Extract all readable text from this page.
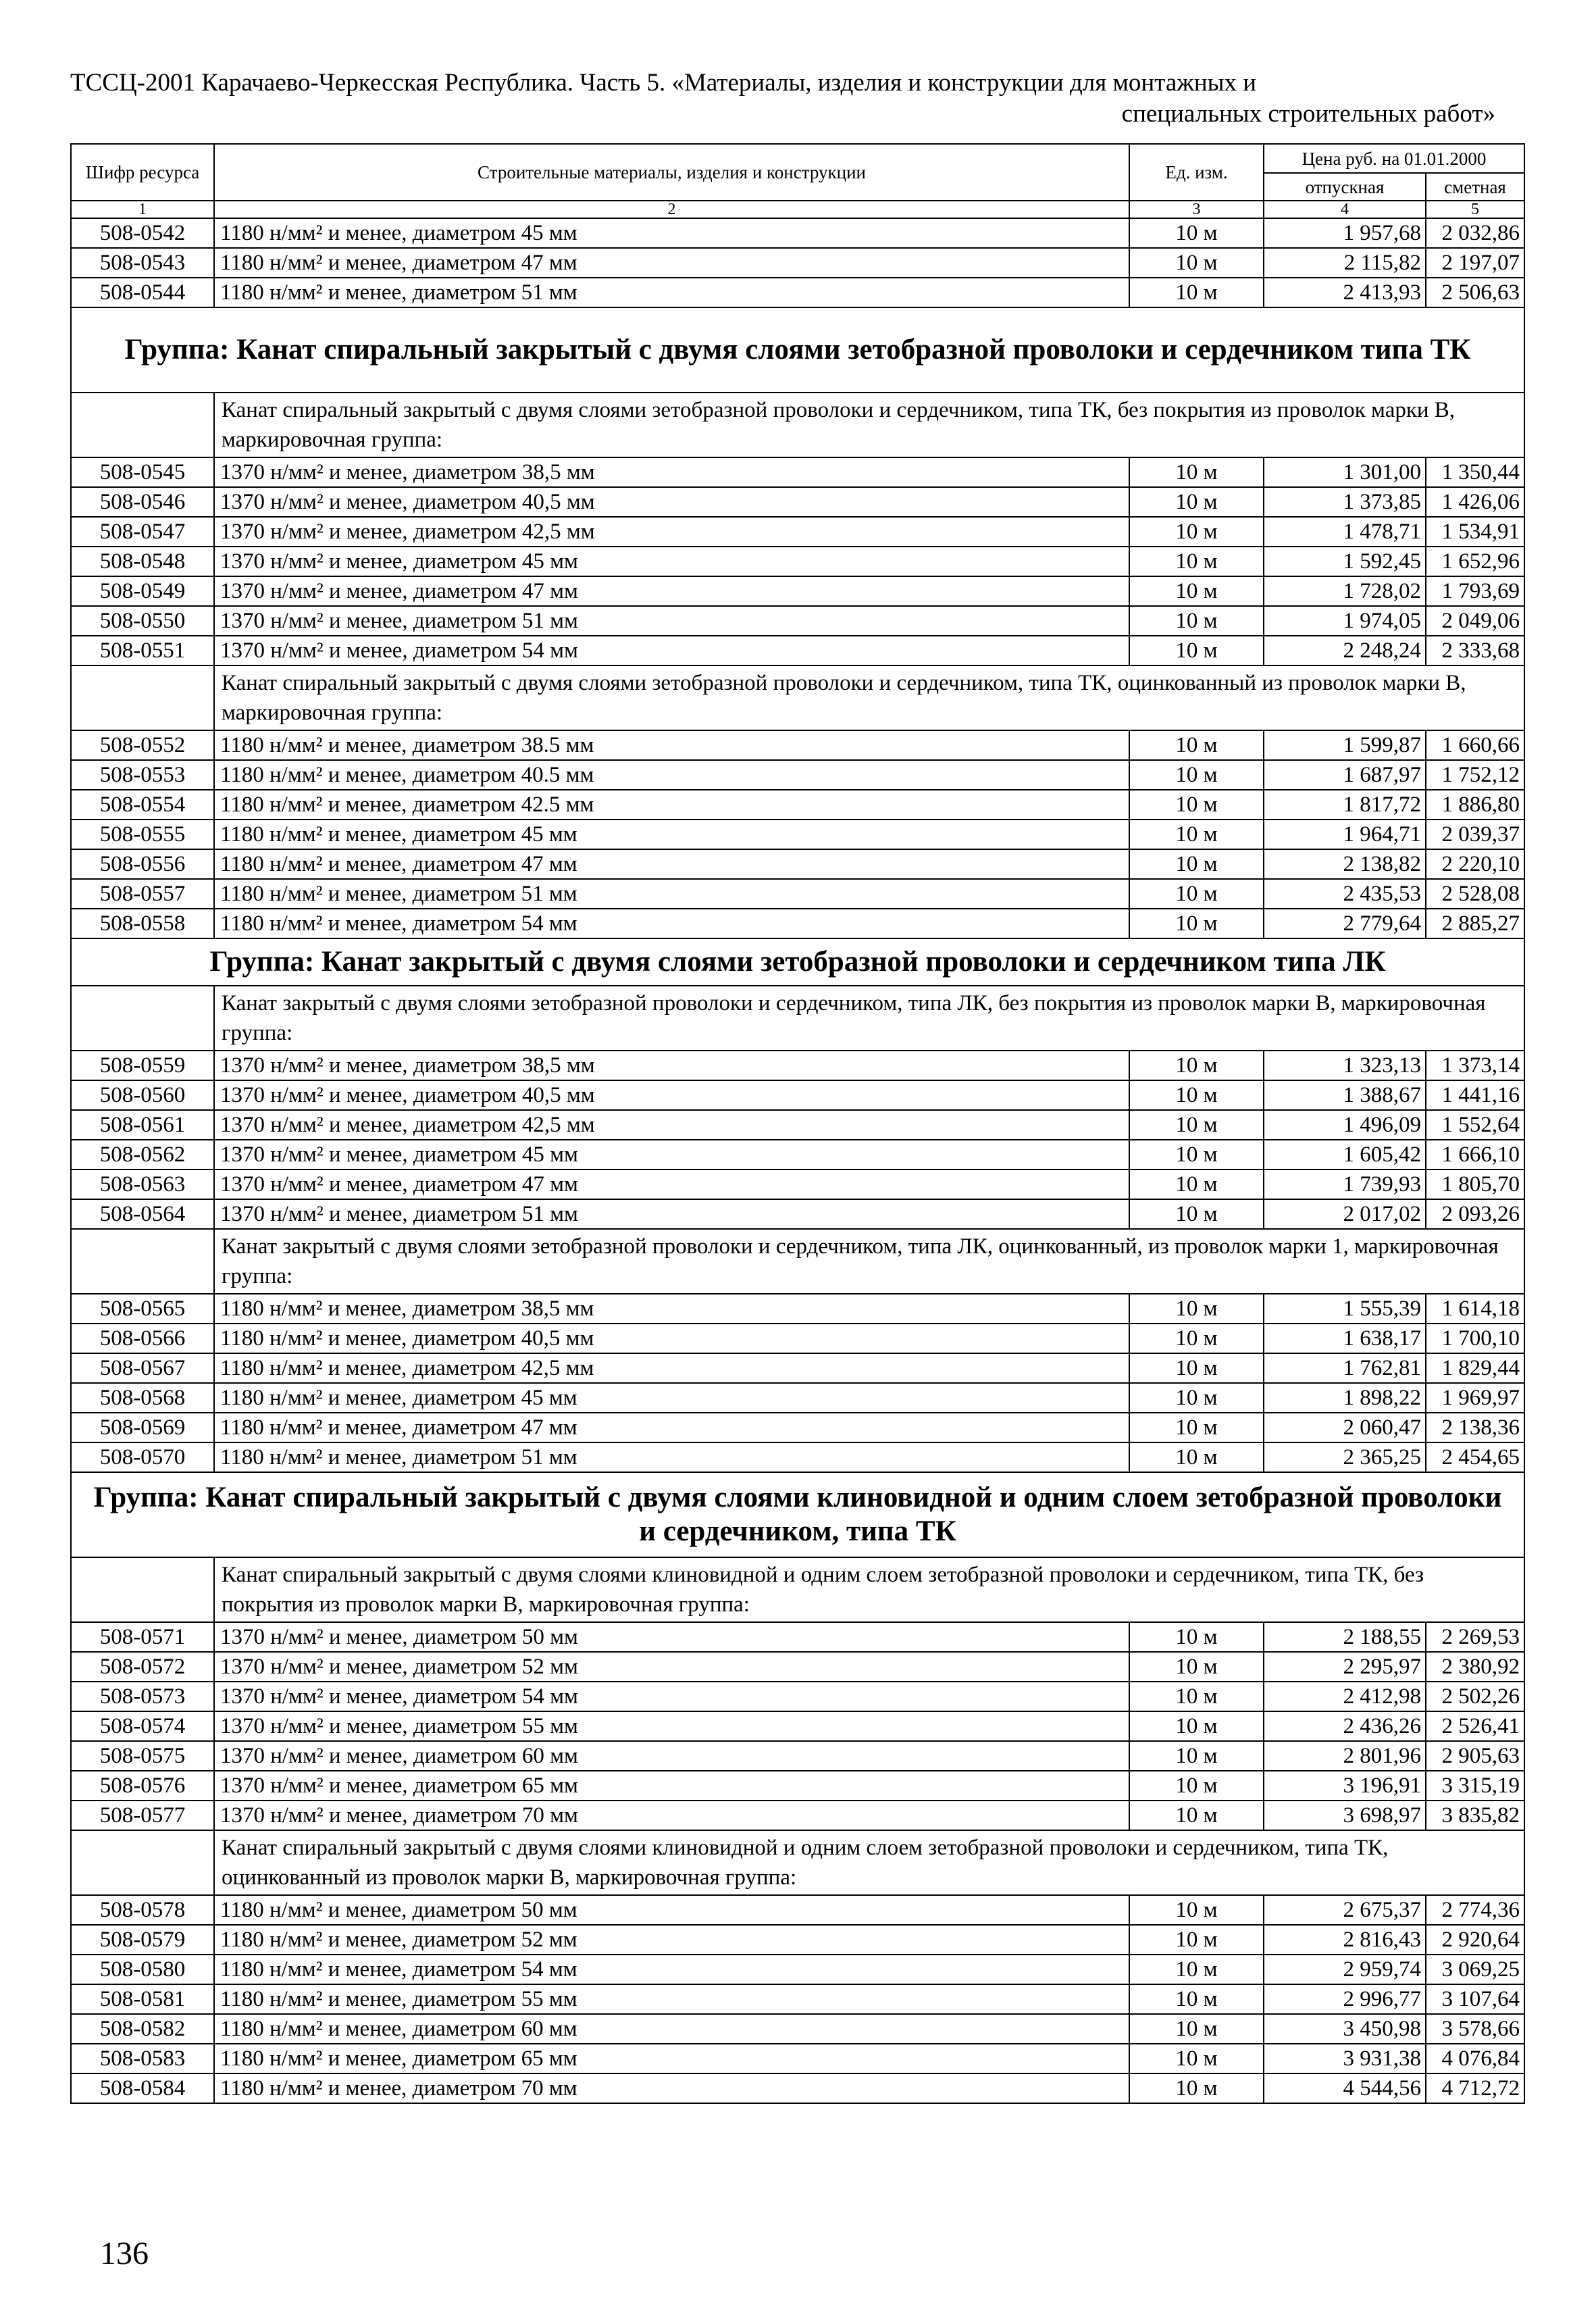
ТССЦ-2001 Карачаево-Черкесская Республика. Часть 5. «Материалы, изделия и конструкции для монтажных и
специальных строительных работ»
Шифр ресурса	Строительные материалы, изделия и конструкции	Ед. изм.	Цена руб. на 01.01.2000	
			отпускная	сметная
1	2	3	4	5
508-0542	1180 н/мм² и менее, диаметром 45 мм	10 м	1 957,68	2 032,86
508-0543	1180 н/мм² и менее, диаметром 47 мм	10 м	2 115,82	2 197,07
508-0544	1180 н/мм² и менее, диаметром 51 мм	10 м	2 413,93	2 506,63
Группа: Канат спиральный закрытый с двумя слоями зетобразной проволоки и сердечником типа ТК				
	Канат спиральный закрытый с двумя слоями зетобразной проволоки и сердечником, типа ТК, без покрытия из проволок марки В, маркировочная группа:			
508-0545	1370 н/мм² и менее, диаметром 38,5 мм	10 м	1 301,00	1 350,44
508-0546	1370 н/мм² и менее, диаметром 40,5 мм	10 м	1 373,85	1 426,06
508-0547	1370 н/мм² и менее, диаметром 42,5 мм	10 м	1 478,71	1 534,91
508-0548	1370 н/мм² и менее, диаметром 45 мм	10 м	1 592,45	1 652,96
508-0549	1370 н/мм² и менее, диаметром 47 мм	10 м	1 728,02	1 793,69
508-0550	1370 н/мм² и менее, диаметром 51 мм	10 м	1 974,05	2 049,06
508-0551	1370 н/мм² и менее, диаметром 54 мм	10 м	2 248,24	2 333,68
	Канат спиральный закрытый с двумя слоями зетобразной проволоки и сердечником, типа ТК, оцинкованный из проволок марки В, маркировочная группа:			
508-0552	1180 н/мм² и менее, диаметром 38.5 мм	10 м	1 599,87	1 660,66
508-0553	1180 н/мм² и менее, диаметром 40.5 мм	10 м	1 687,97	1 752,12
508-0554	1180 н/мм² и менее, диаметром 42.5 мм	10 м	1 817,72	1 886,80
508-0555	1180 н/мм² и менее, диаметром 45 мм	10 м	1 964,71	2 039,37
508-0556	1180 н/мм² и менее, диаметром 47 мм	10 м	2 138,82	2 220,10
508-0557	1180 н/мм² и менее, диаметром 51 мм	10 м	2 435,53	2 528,08
508-0558	1180 н/мм² и менее, диаметром 54 мм	10 м	2 779,64	2 885,27
Группа: Канат закрытый с двумя слоями зетобразной проволоки и сердечником типа ЛК				
	Канат закрытый с двумя слоями зетобразной проволоки и сердечником, типа ЛК, без покрытия из проволок марки В, маркировочная группа:			
508-0559	1370 н/мм² и менее, диаметром 38,5 мм	10 м	1 323,13	1 373,14
508-0560	1370 н/мм² и менее, диаметром 40,5 мм	10 м	1 388,67	1 441,16
508-0561	1370 н/мм² и менее, диаметром 42,5 мм	10 м	1 496,09	1 552,64
508-0562	1370 н/мм² и менее, диаметром 45 мм	10 м	1 605,42	1 666,10
508-0563	1370 н/мм² и менее, диаметром 47 мм	10 м	1 739,93	1 805,70
508-0564	1370 н/мм² и менее, диаметром 51 мм	10 м	2 017,02	2 093,26
	Канат закрытый с двумя слоями зетобразной проволоки и сердечником, типа ЛК, оцинкованный, из проволок марки 1, маркировочная группа:			
508-0565	1180 н/мм² и менее, диаметром 38,5 мм	10 м	1 555,39	1 614,18
508-0566	1180 н/мм² и менее, диаметром 40,5 мм	10 м	1 638,17	1 700,10
508-0567	1180 н/мм² и менее, диаметром 42,5 мм	10 м	1 762,81	1 829,44
508-0568	1180 н/мм² и менее, диаметром 45 мм	10 м	1 898,22	1 969,97
508-0569	1180 н/мм² и менее, диаметром 47 мм	10 м	2 060,47	2 138,36
508-0570	1180 н/мм² и менее, диаметром 51 мм	10 м	2 365,25	2 454,65
Группа: Канат спиральный закрытый с двумя слоями клиновидной и одним слоем зетобразной проволоки и сердечником, типа ТК				
	Канат спиральный закрытый с двумя слоями клиновидной и одним слоем зетобразной проволоки и сердечником, типа ТК, без покрытия из проволок марки В, маркировочная группа:			
508-0571	1370 н/мм² и менее, диаметром 50 мм	10 м	2 188,55	2 269,53
508-0572	1370 н/мм² и менее, диаметром 52 мм	10 м	2 295,97	2 380,92
508-0573	1370 н/мм² и менее, диаметром 54 мм	10 м	2 412,98	2 502,26
508-0574	1370 н/мм² и менее, диаметром 55 мм	10 м	2 436,26	2 526,41
508-0575	1370 н/мм² и менее, диаметром 60 мм	10 м	2 801,96	2 905,63
508-0576	1370 н/мм² и менее, диаметром 65 мм	10 м	3 196,91	3 315,19
508-0577	1370 н/мм² и менее, диаметром 70 мм	10 м	3 698,97	3 835,82
	Канат спиральный закрытый с двумя слоями клиновидной и одним слоем зетобразной проволоки и сердечником, типа ТК, оцинкованный из проволок марки В, маркировочная группа:			
508-0578	1180 н/мм² и менее, диаметром 50 мм	10 м	2 675,37	2 774,36
508-0579	1180 н/мм² и менее, диаметром 52 мм	10 м	2 816,43	2 920,64
508-0580	1180 н/мм² и менее, диаметром 54 мм	10 м	2 959,74	3 069,25
508-0581	1180 н/мм² и менее, диаметром 55 мм	10 м	2 996,77	3 107,64
508-0582	1180 н/мм² и менее, диаметром 60 мм	10 м	3 450,98	3 578,66
508-0583	1180 н/мм² и менее, диаметром 65 мм	10 м	3 931,38	4 076,84
508-0584	1180 н/мм² и менее, диаметром 70 мм	10 м	4 544,56	4 712,72
136
